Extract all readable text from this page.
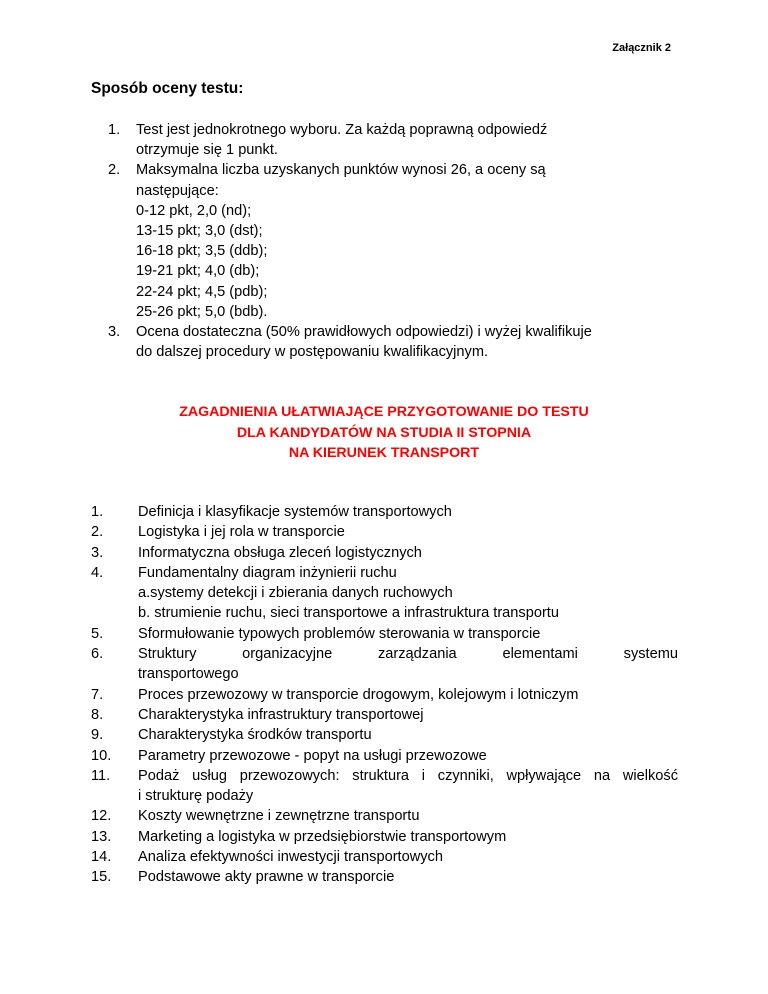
Załącznik 2
Sposób oceny testu:
1. Test jest jednokrotnego wyboru. Za każdą poprawną odpowiedź
otrzymuje się 1 punkt.
2. Maksymalna liczba uzyskanych punktów wynosi 26, a oceny są
następujące:
0-12 pkt, 2,0 (nd);
13-15 pkt; 3,0 (dst);
16-18 pkt; 3,5 (ddb);
19-21 pkt; 4,0 (db);
22-24 pkt; 4,5 (pdb);
25-26 pkt; 5,0 (bdb).
3. Ocena dostateczna (50% prawidłowych odpowiedzi) i wyżej kwalifikuje
do dalszej procedury w postępowaniu kwalifikacyjnym.
ZAGADNIENIA UŁATWIAJĄCE PRZYGOTOWANIE DO TESTU
DLA KANDYDATÓW NA STUDIA II STOPNIA
NA KIERUNEK TRANSPORT
1. Definicja i klasyfikacje systemów transportowych
2. Logistyka i jej rola w transporcie
3. Informatyczna obsługa zleceń logistycznych
4. Fundamentalny diagram inżynierii ruchu
a.systemy detekcji i zbierania danych ruchowych
b. strumienie ruchu, sieci transportowe a infrastruktura transportu
5. Sformułowanie typowych problemów sterowania w transporcie
6. Struktury organizacyjne zarządzania elementami systemu
transportowego
7. Proces przewozowy w transporcie drogowym, kolejowym i lotniczym
8. Charakterystyka infrastruktury transportowej
9. Charakterystyka środków transportu
10. Parametry przewozowe - popyt na usługi przewozowe
11. Podaż usług przewozowych: struktura i czynniki, wpływające na wielkość
i strukturę podaży
12. Koszty wewnętrzne i zewnętrzne transportu
13. Marketing a logistyka w przedsiębiorstwie transportowym
14. Analiza efektywności inwestycji transportowych
15. Podstawowe akty prawne w transporcie
